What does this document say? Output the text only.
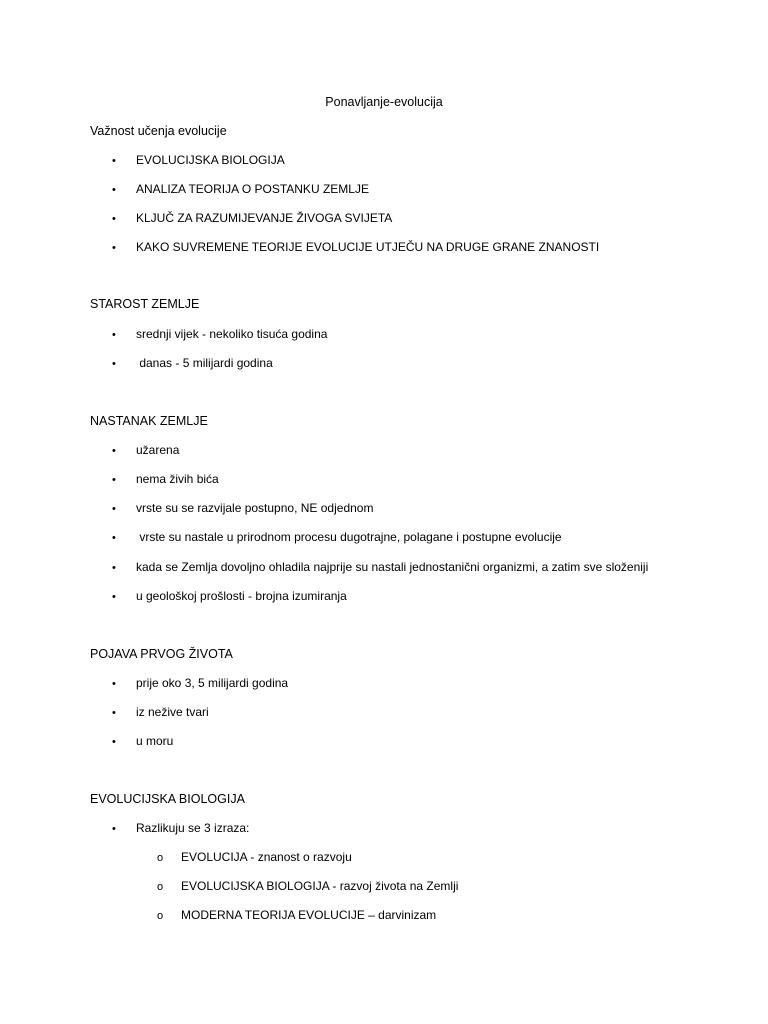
Ponavljanje-evolucija
Važnost učenja evolucije
• EVOLUCIJSKA BIOLOGIJA
• ANALIZA TEORIJA O POSTANKU ZEMLJE
• KLJUČ ZA RAZUMIJEVANJE ŽIVOGA SVIJETA
• KAKO SUVREMENE TEORIJE EVOLUCIJE UTJEČU NA DRUGE GRANE ZNANOSTI
STAROST ZEMLJE
• srednji vijek - nekoliko tisuća godina
• danas - 5 milijardi godina
NASTANAK ZEMLJE
• užarena
• nema živih bića
• vrste su se razvijale postupno, NE odjednom
• vrste su nastale u prirodnom procesu dugotrajne, polagane i postupne evolucije
• kada se Zemlja dovoljno ohladila najprije su nastali jednostanični organizmi, a zatim sve složeniji
• u geološkoj prošlosti - brojna izumiranja
POJAVA PRVOG ŽIVOTA
• prije oko 3, 5 milijardi godina
• iz nežive tvari
• u moru
EVOLUCIJSKA BIOLOGIJA
• Razlikuju se 3 izraza:
o EVOLUCIJA - znanost o razvoju
o EVOLUCIJSKA BIOLOGIJA - razvoj života na Zemlji
o MODERNA TEORIJA EVOLUCIJE – darvinizam
